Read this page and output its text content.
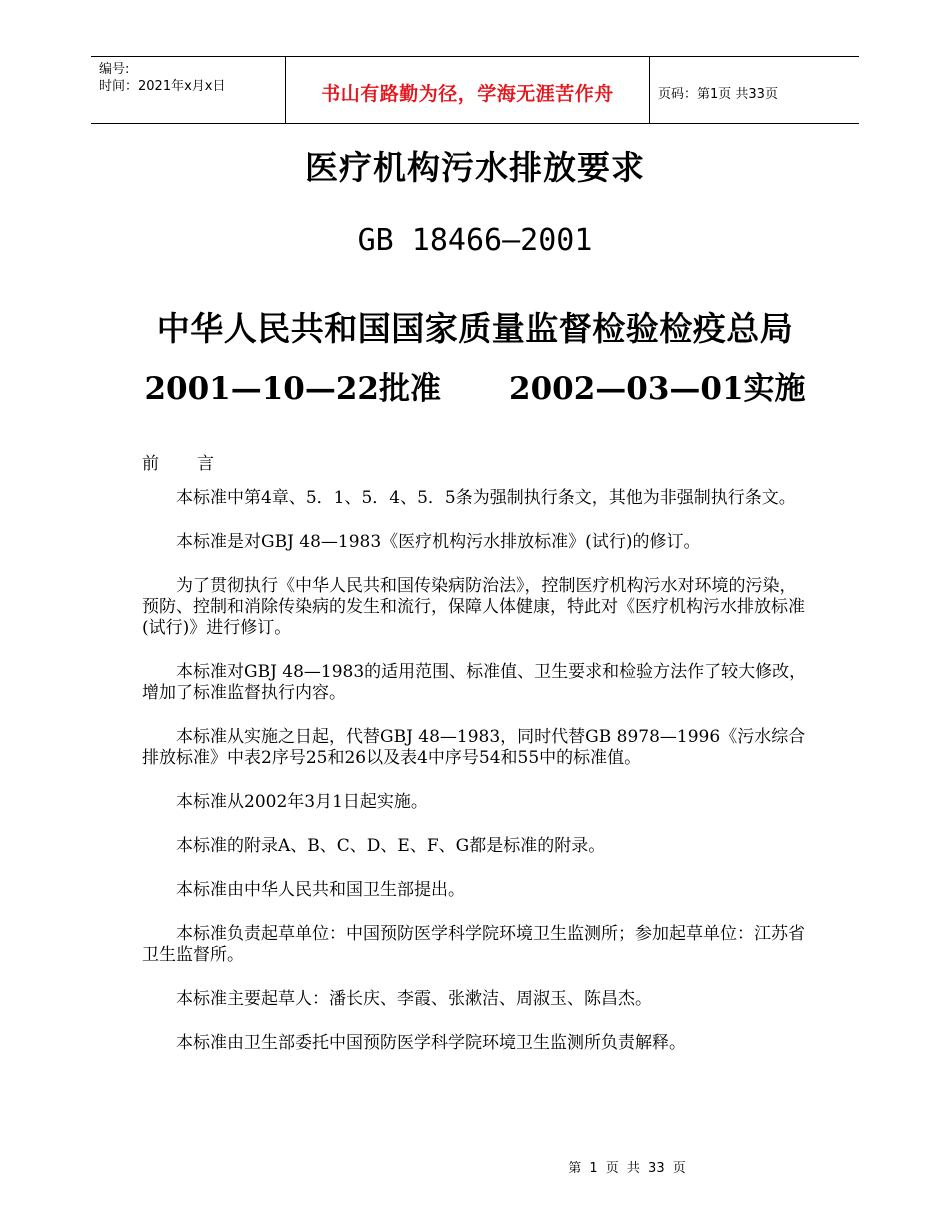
编号:
时间：2021年x月x日	书山有路勤为径，学海无涯苦作舟	页码：第1页 共33页
医疗机构污水排放要求
GB 18466—2001
中华人民共和国国家质量监督检验检疫总局
2001—10—22批准 2002—03—01实施
前 言

本标准中第4章、5．1、5．4、5．5条为强制执行条文，其他为非强制执行条文。

本标准是对GBJ 48—1983《医疗机构污水排放标准》(试行)的修订。

为了贯彻执行《中华人民共和国传染病防治法》，控制医疗机构污水对环境的污染，预防、控制和消除传染病的发生和流行，保障人体健康，特此对《医疗机构污水排放标准(试行)》进行修订。

本标准对GBJ 48—1983的适用范围、标准值、卫生要求和检验方法作了较大修改，增加了标准监督执行内容。

本标准从实施之日起，代替GBJ 48—1983，同时代替GB 8978—1996《污水综合排放标准》中表2序号25和26以及表4中序号54和55中的标准值。

本标准从2002年3月1日起实施。

本标准的附录A、B、C、D、E、F、G都是标准的附录。

本标准由中华人民共和国卫生部提出。

本标准负责起草单位：中国预防医学科学院环境卫生监测所；参加起草单位：江苏省卫生监督所。

本标准主要起草人：潘长庆、李霞、张漱洁、周淑玉、陈昌杰。

本标准由卫生部委托中国预防医学科学院环境卫生监测所负责解释。

第 1 页 共 33 页
